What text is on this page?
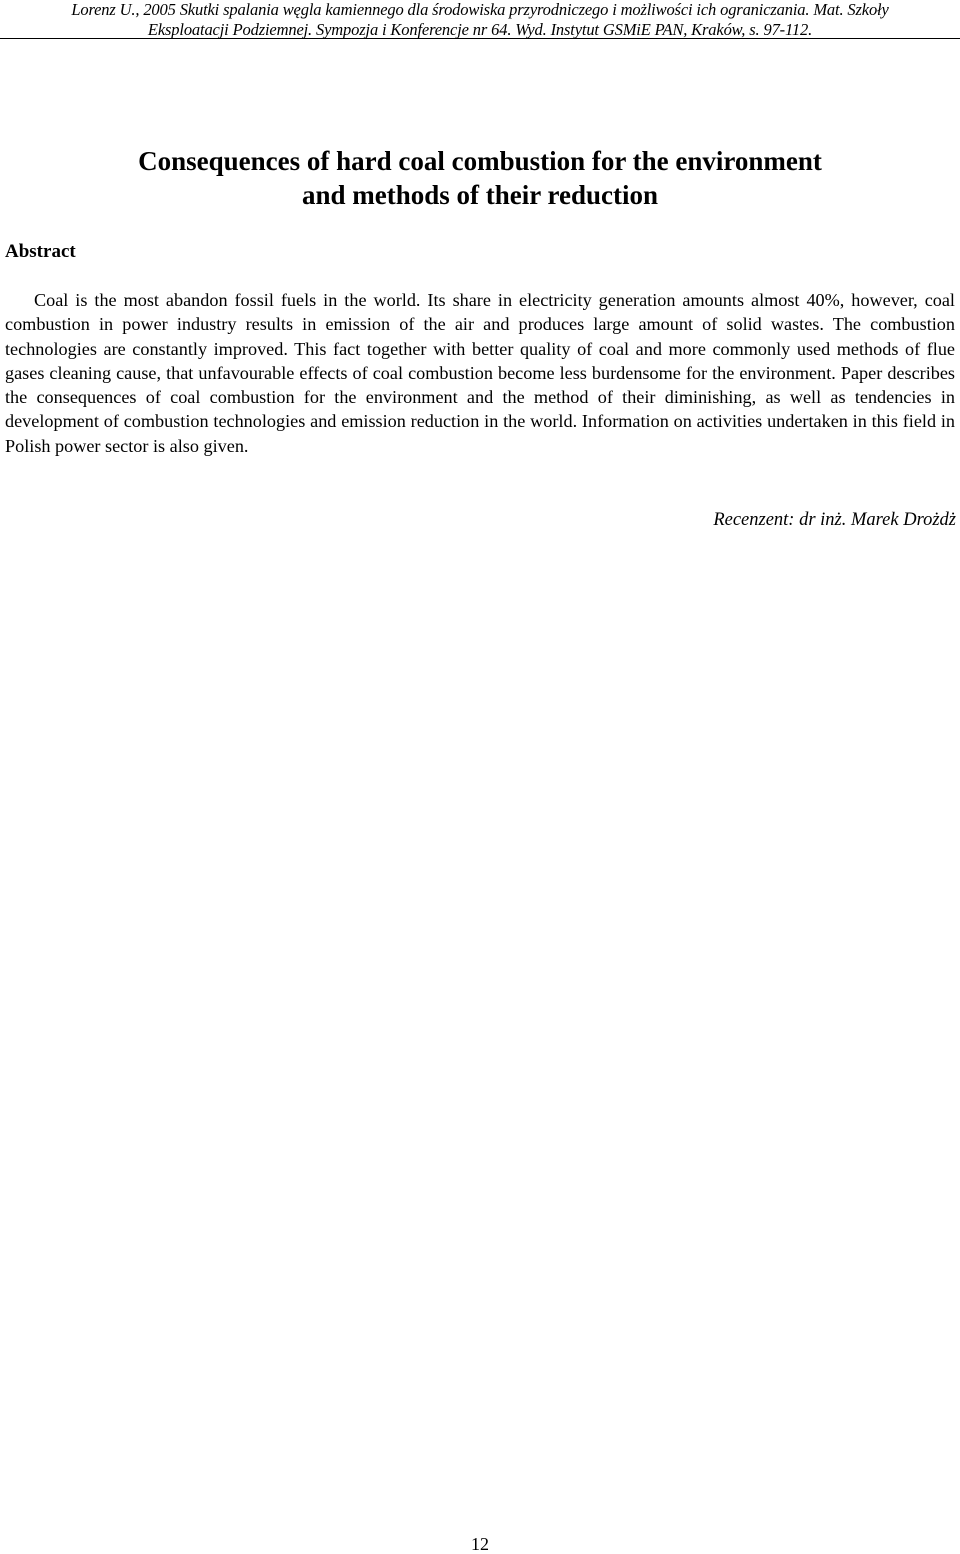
Lorenz U., 2005 Skutki spalania węgla kamiennego dla środowiska przyrodniczego i możliwości ich ograniczania. Mat. Szkoły
Eksploatacji Podziemnej. Sympozja i Konferencje nr 64. Wyd. Instytut GSMiE PAN, Kraków, s. 97-112.
Consequences of hard coal combustion for the environment
and methods of their reduction
Abstract

Coal is the most abandon fossil fuels in the world. Its share in electricity generation amounts almost 40%, however, coal combustion in power industry results in emission of the air and produces large amount of solid wastes. The combustion technologies are constantly improved. This fact together with better quality of coal and more commonly used methods of flue gases cleaning cause, that unfavourable effects of coal combustion become less burdensome for the environment. Paper describes the consequences of coal combustion for the environment and the method of their diminishing, as well as tendencies in development of combustion technologies and emission reduction in the world. Information on activities undertaken in this field in Polish power sector is also given.

Recenzent: dr inż. Marek Drożdż
12
